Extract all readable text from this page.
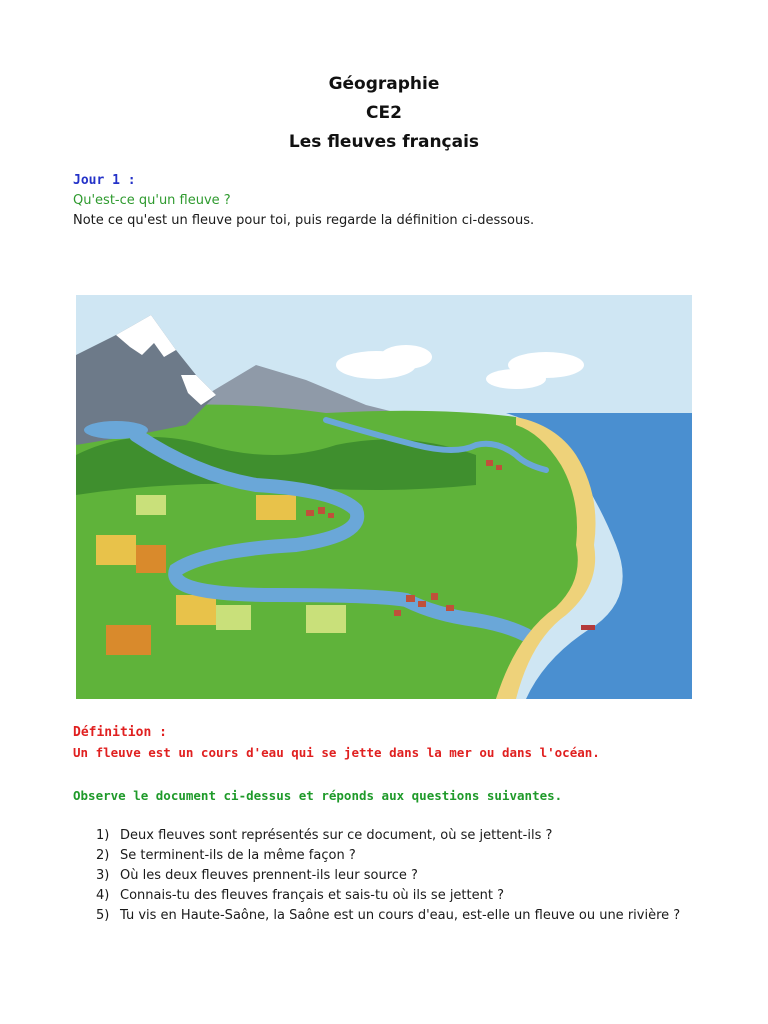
Géographie
CE2
Les fleuves français
Jour 1 :
Qu'est-ce qu'un fleuve ?
Note ce qu'est un fleuve pour toi, puis regarde la définition ci-dessous.
Définition :
Un fleuve est un cours d'eau qui se jette dans la mer ou dans l'océan.
Observe le document ci-dessus et réponds aux questions suivantes.
1) Deux fleuves sont représentés sur ce document, où se jettent-ils ?
2) Se terminent-ils de la même façon ?
3) Où les deux fleuves prennent-ils leur source ?
4) Connais-tu des fleuves français et sais-tu où ils se jettent ?
5) Tu vis en Haute-Saône, la Saône est un cours d'eau, est-elle un fleuve ou une rivière ?
